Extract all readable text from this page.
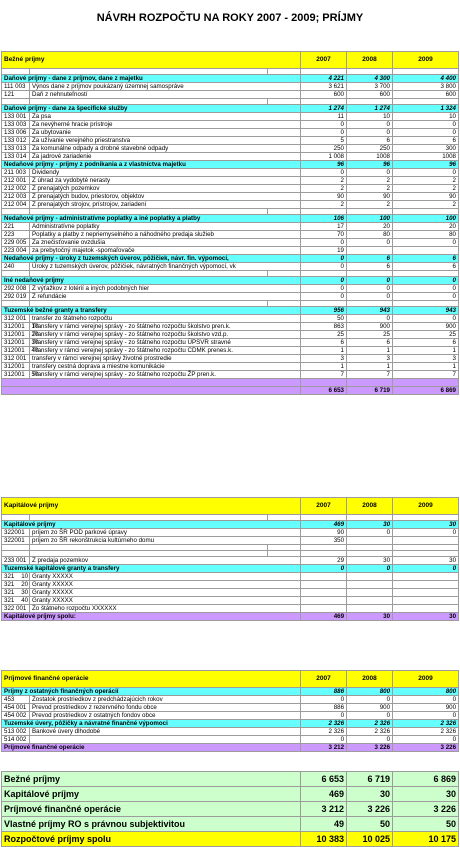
NÁVRH ROZPOČTU NA ROKY 2007 - 2009; PRÍJMY
Bežné príjmy			2007	2008	2009

Daňové príjmy - dane z príjmov, dane z majetku			4 221	4 300	4 400
111 003	Výnos dane z príjmov poukázaný územnej samospráve		3 621	3 700	3 800
121	Daň z nehnuteľností		600	600	600

Daňové príjmy - dane za špecifické služby			1 274	1 274	1 324
133 001	Za psa		11	10	10
133 003	Za nevýherné hracie prístroje		0	0	0
133 006	Za ubytovanie		0	0	0
133 012	Za užívanie verejného priestranstva		5	6	6
133 013	Za komunálne odpady a drobné stavebné odpady		250	250	300
133 014	Za jadrové zariadenie		1 008	1008	1008
Nedaňové príjmy - príjmy z podnikania a z vlastníctva majetku			96	96	96
211 003	Dividendy		0	0	0
212 001	Z úhrad za vydobyté nerasty		2	2	2
212 002	Z prenajatých pozemkov		2	2	2
212 003	Z prenajatých budov, priestorov, objektov		90	90	90
212 004	Z prenajatých strojov, prístrojov, zariadení		2	2	2

Nedaňové príjmy - administratívne poplatky a iné poplatky a platby			106	100	100
221	Administratívne poplatky		17	20	20
223	Poplatky a platby z nepriemyselného a náhodného predaja služieb		70	80	80
229 005	Za znečisťovanie ovzdušia		0	0	0
223 004	za prebytočný majetok -spomaľovače		19		
Nedaňové príjmy - úroky z tuzemských úverov, pôžičiek, návr. fin. výpomocí,			0	6	6
240	Úroky z tuzemských úverov, pôžičiek, návratných finančných výpomocí, vk		0	6	6

Iné nedaňové príjmy			0	0	0
292 008	Z výťažkov z lotérií a iných podobných hier		0	0	0
292 019	Z refundácie		0	0	0

Tuzemské bežné granty a transfery			956	943	943
312 001	transfer zo štátneho rozpočtu		50	0	0
312001    10	Transfery v rámci verejnej správy - zo štátneho rozpočtu školstvo pren.k.		863	900	900
312001    20	Transfery v rámci verejnej správy - zo štátneho rozpočtu školstvo vzd.p.		25	25	25
312001    30	Transfery v rámci verejnej správy - zo štátneho rozpočtu ÚPSVR stravné		6	6	6
312001    40	Transfery v rámci verejnej správy - zo štátneho rozpočtu CDMK prenes.k.		1	1	1
312 001	transfery v rámci verejnej správy životné prostredie		3	3	3
312001	transfery cestná doprava a miestne komunikácie		1	1	1
312001    50	Transfery v rámci verejnej správy - zo štátneho rozpočtu ŽP pren.k.		7	7	7

			6 653	6 719	6 869
Kapitálové príjmy			2007	2008	2009

Kapitálové príjmy			469	30	30
322001	príjem zo ŠR POD parkové úpravy		90	0	0
322001	príjem zo ŠR rekonštrukcia kultúrneho domu		350		

233 001	Z predaja pozemkov		29	30	30
Tuzemské kapitálové granty a transfery			0	0	0
321    10	Granty XXXXX				
321    20	Granty XXXXX				
321    30	Granty XXXXX				
321    40	Granty XXXXX				
322 001	Zo štátneho rozpočtu XXXXXX				
Kapitálové príjmy spolu:			469	30	30
Príjmové finančné operácie		2007	2008	2009
Príjmy z ostatných finančných operácií		886	800	800
453	Zostatok prostriedkov z predchádzajúcich rokov	0	0	0
454 001	Prevod prostriedkov z rezervného fondu obce	886	900	900
454 002	Prevod prostriedkov z ostatných fondov obce	0	0	0
Tuzemské úvery, pôžičky a návratné finančné výpomoci		2 326	2 326	2 326
513 002	Bankové úvery dlhodobé	2 326	2 326	2 326
514 002		0	0	0
Príjmové finančné operácie		3 212	3 226	3 226
Bežné príjmy	6 653	6 719	6 869
Kapitálové príjmy	469	30	30
Príjmové finančné operácie	3 212	3 226	3 226
Vlastné príjmy RO s právnou subjektivitou	49	50	50
Rozpočtové príjmy spolu	10 383	10 025	10 175
